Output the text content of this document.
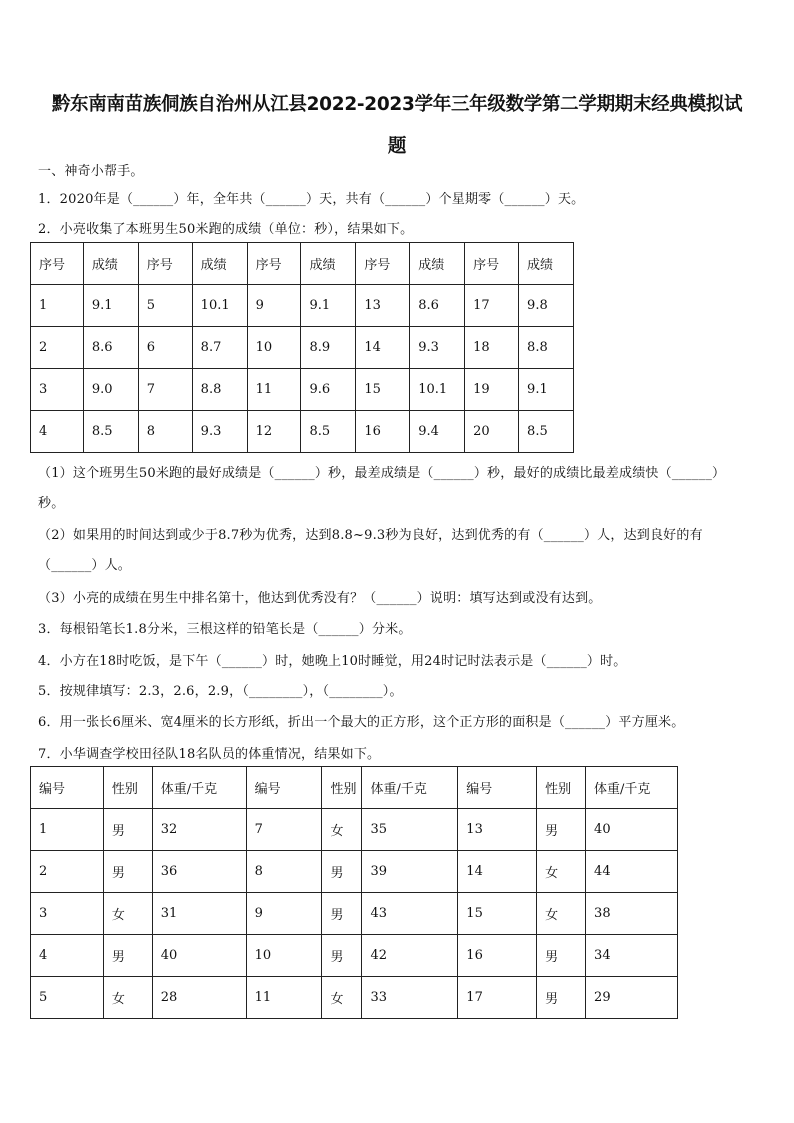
黔东南南苗族侗族自治州从江县2022-2023学年三年级数学第二学期期末经典模拟试
题
一、神奇小帮手。
1．2020年是（______）年，全年共（______）天，共有（______）个星期零（______）天。
2．小亮收集了本班男生50米跑的成绩（单位：秒），结果如下。
序号	成绩	序号	成绩	序号	成绩	序号	成绩	序号	成绩
1	9.1	5	10.1	9	9.1	13	8.6	17	9.8
2	8.6	6	8.7	10	8.9	14	9.3	18	8.8
3	9.0	7	8.8	11	9.6	15	10.1	19	9.1
4	8.5	8	9.3	12	8.5	16	9.4	20	8.5
（1）这个班男生50米跑的最好成绩是（______）秒，最差成绩是（______）秒，最好的成绩比最差成绩快（______）
秒。
（2）如果用的时间达到或少于8.7秒为优秀，达到8.8~9.3秒为良好，达到优秀的有（______）人，达到良好的有
（______）人。
（3）小亮的成绩在男生中排名第十，他达到优秀没有？（______）说明：填写达到或没有达到。
3．每根铅笔长1.8分米，三根这样的铅笔长是（______）分米。
4．小方在18时吃饭，是下午（______）时，她晚上10时睡觉，用24时记时法表示是（______）时。
5．按规律填写：2.3，2.6，2.9，（________），（________）。
6．用一张长6厘米、宽4厘米的长方形纸，折出一个最大的正方形，这个正方形的面积是（______）平方厘米。
7．小华调查学校田径队18名队员的体重情况，结果如下。
编号	性别	体重/千克	编号	性别	体重/千克	编号	性别	体重/千克
1	男	32	7	女	35	13	男	40
2	男	36	8	男	39	14	女	44
3	女	31	9	男	43	15	女	38
4	男	40	10	男	42	16	男	34
5	女	28	11	女	33	17	男	29
